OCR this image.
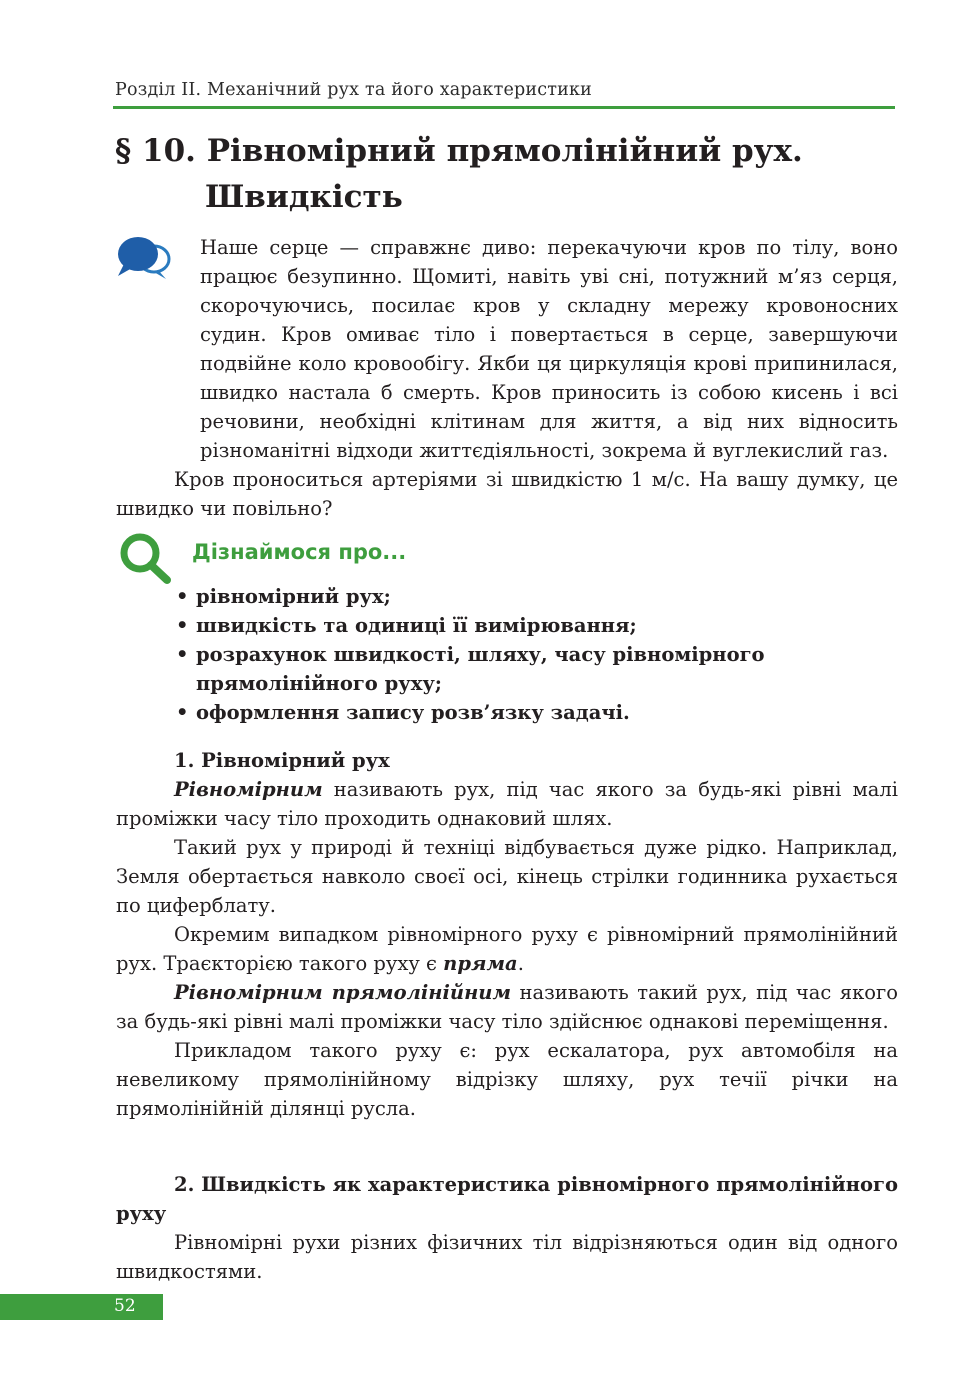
Розділ ІІ. Механічний рух та його характеристики
§ 10. Рівномірний прямолінійний рух.
Швидкість

Наше серце — справжнє диво: перекачуючи кров по тілу, воно працює безупинно. Щомиті, навіть уві сні, потужний м’яз серця, скорочуючись, посилає кров у складну мережу кровоносних судин. Кров омиває тіло і повертається в серце, завершуючи подвійне коло кровообігу. Якби ця циркуляція крові припинилася, швидко настала б смерть. Кров приносить із собою кисень і всі речовини, необхідні клітинам для життя, а від них відносить різноманітні відходи життєдіяльності, зокрема й вуглекислий газ.

Кров проноситься артеріями зі швидкістю 1 м/с. На вашу думку, це швидко чи повільно?

Дізнаймося про...
• рівномірний рух;
• швидкість та одиниці її вимірювання;
• розрахунок швидкості, шляху, часу рівномірного прямолінійного руху;
• оформлення запису розв’язку задачі.

1. Рівномірний рух

Рівномірним називають рух, під час якого за будь-які рівні малі проміжки часу тіло проходить однаковий шлях.

Такий рух у природі й техніці відбувається дуже рідко. Наприклад, Земля обертається навколо своєї осі, кінець стрілки годинника рухається по циферблату.

Окремим випадком рівномірного руху є рівномірний прямолінійний рух. Траєкторією такого руху є пряма.

Рівномірним прямолінійним називають такий рух, під час якого за будь-які рівні малі проміжки часу тіло здійснює однакові переміщення.

Прикладом такого руху є: рух ескалатора, рух автомобіля на невеликому прямолінійному відрізку шляху, рух течії річки на прямолінійній ділянці русла.

2. Швидкість як характеристика рівномірного прямолінійного руху

Рівномірні рухи різних фізичних тіл відрізняються один від одного швидкостями.

52
